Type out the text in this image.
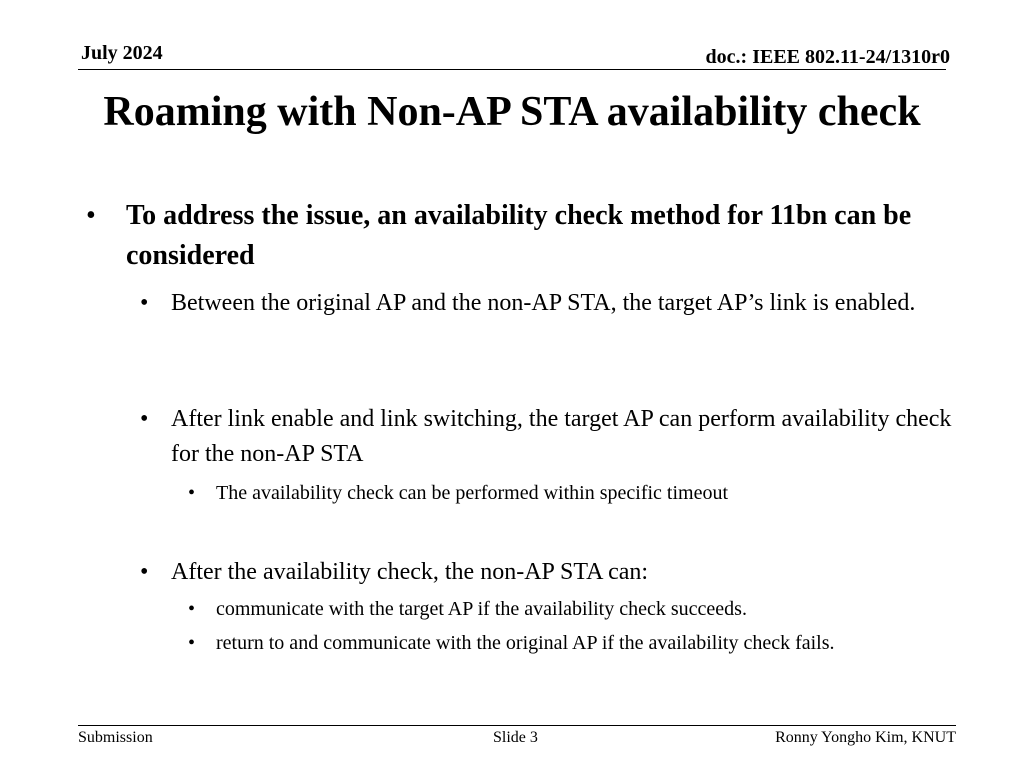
July 2024	doc.: IEEE 802.11-24/1310r0
Roaming with Non-AP STA availability check
• To address the issue, an availability check method for 11bn can be considered
• Between the original AP and the non-AP STA, the target AP’s link is enabled.
• After link enable and link switching, the target AP can perform availability check for the non-AP STA
• The availability check can be performed within specific timeout
• After the availability check, the non-AP STA can:
• communicate with the target AP if the availability check succeeds.
• return to and communicate with the original AP if the availability check fails.
Submission	Slide 3	Ronny Yongho Kim, KNUT
